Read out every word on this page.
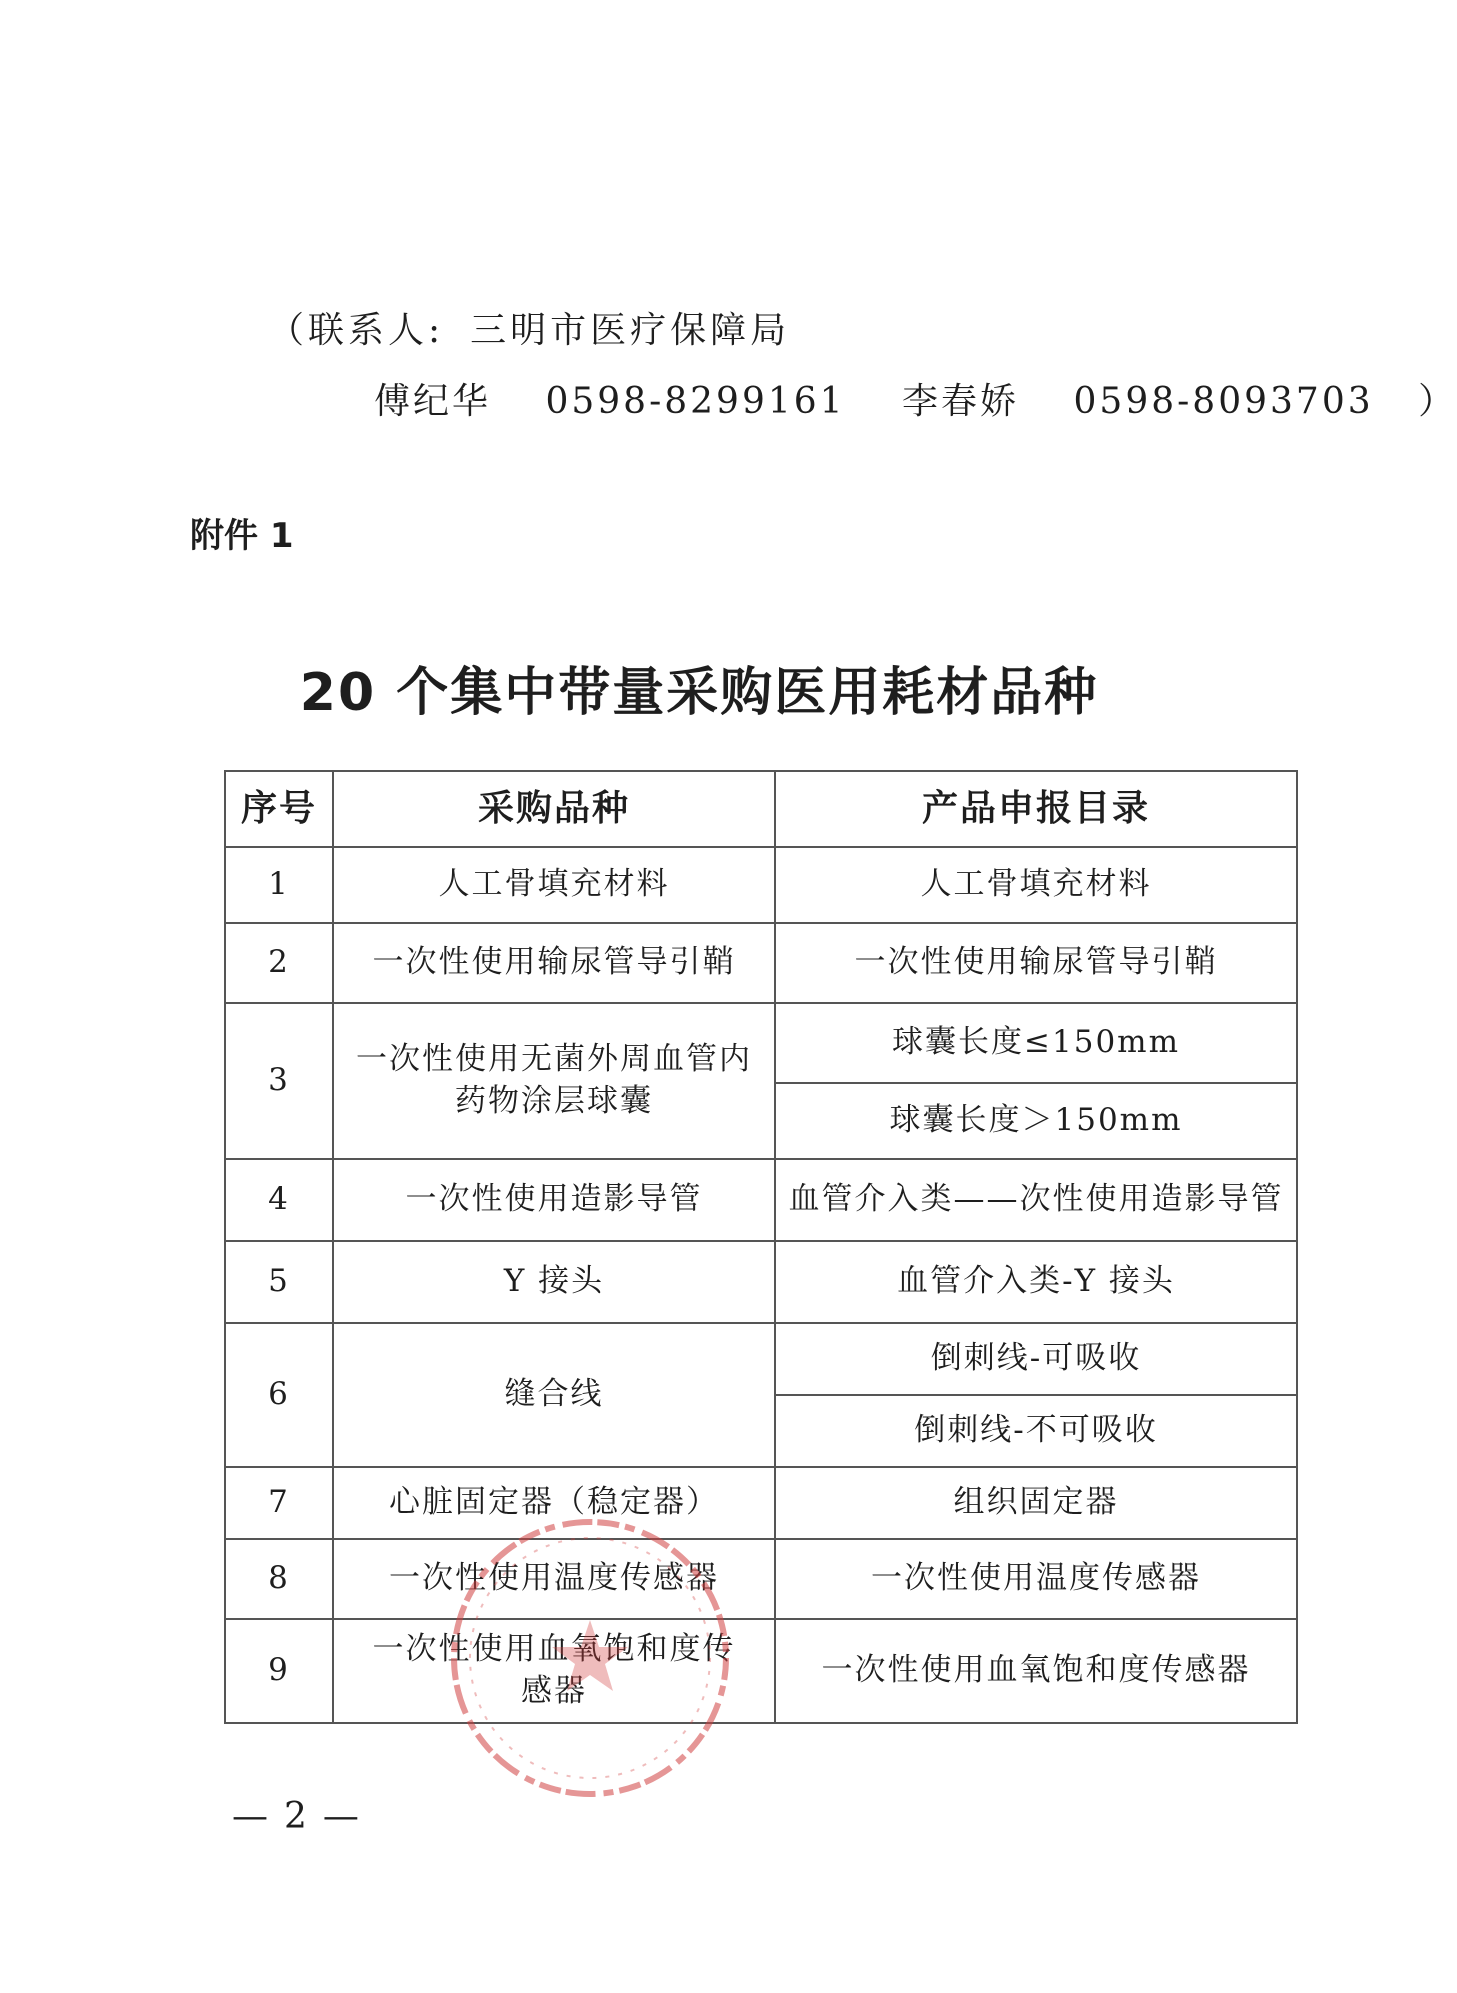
（联系人: 三明市医疗保障局
傅纪华 0598-8299161 李春娇 0598-8093703 ）
附件 1
20 个集中带量采购医用耗材品种
序号	采购品种	产品申报目录
1	人工骨填充材料	人工骨填充材料
2	一次性使用输尿管导引鞘	一次性使用输尿管导引鞘
3	一次性使用无菌外周血管内药物涂层球囊	球囊长度≤150mm
		球囊长度＞150mm
4	一次性使用造影导管	血管介入类——次性使用造影导管
5	Y 接头	血管介入类-Y 接头
6	缝合线	倒刺线-可吸收
		倒刺线-不可吸收
7	心脏固定器（稳定器）	组织固定器
8	一次性使用温度传感器	一次性使用温度传感器
9	一次性使用血氧饱和度传感器	一次性使用血氧饱和度传感器
— 2 —
